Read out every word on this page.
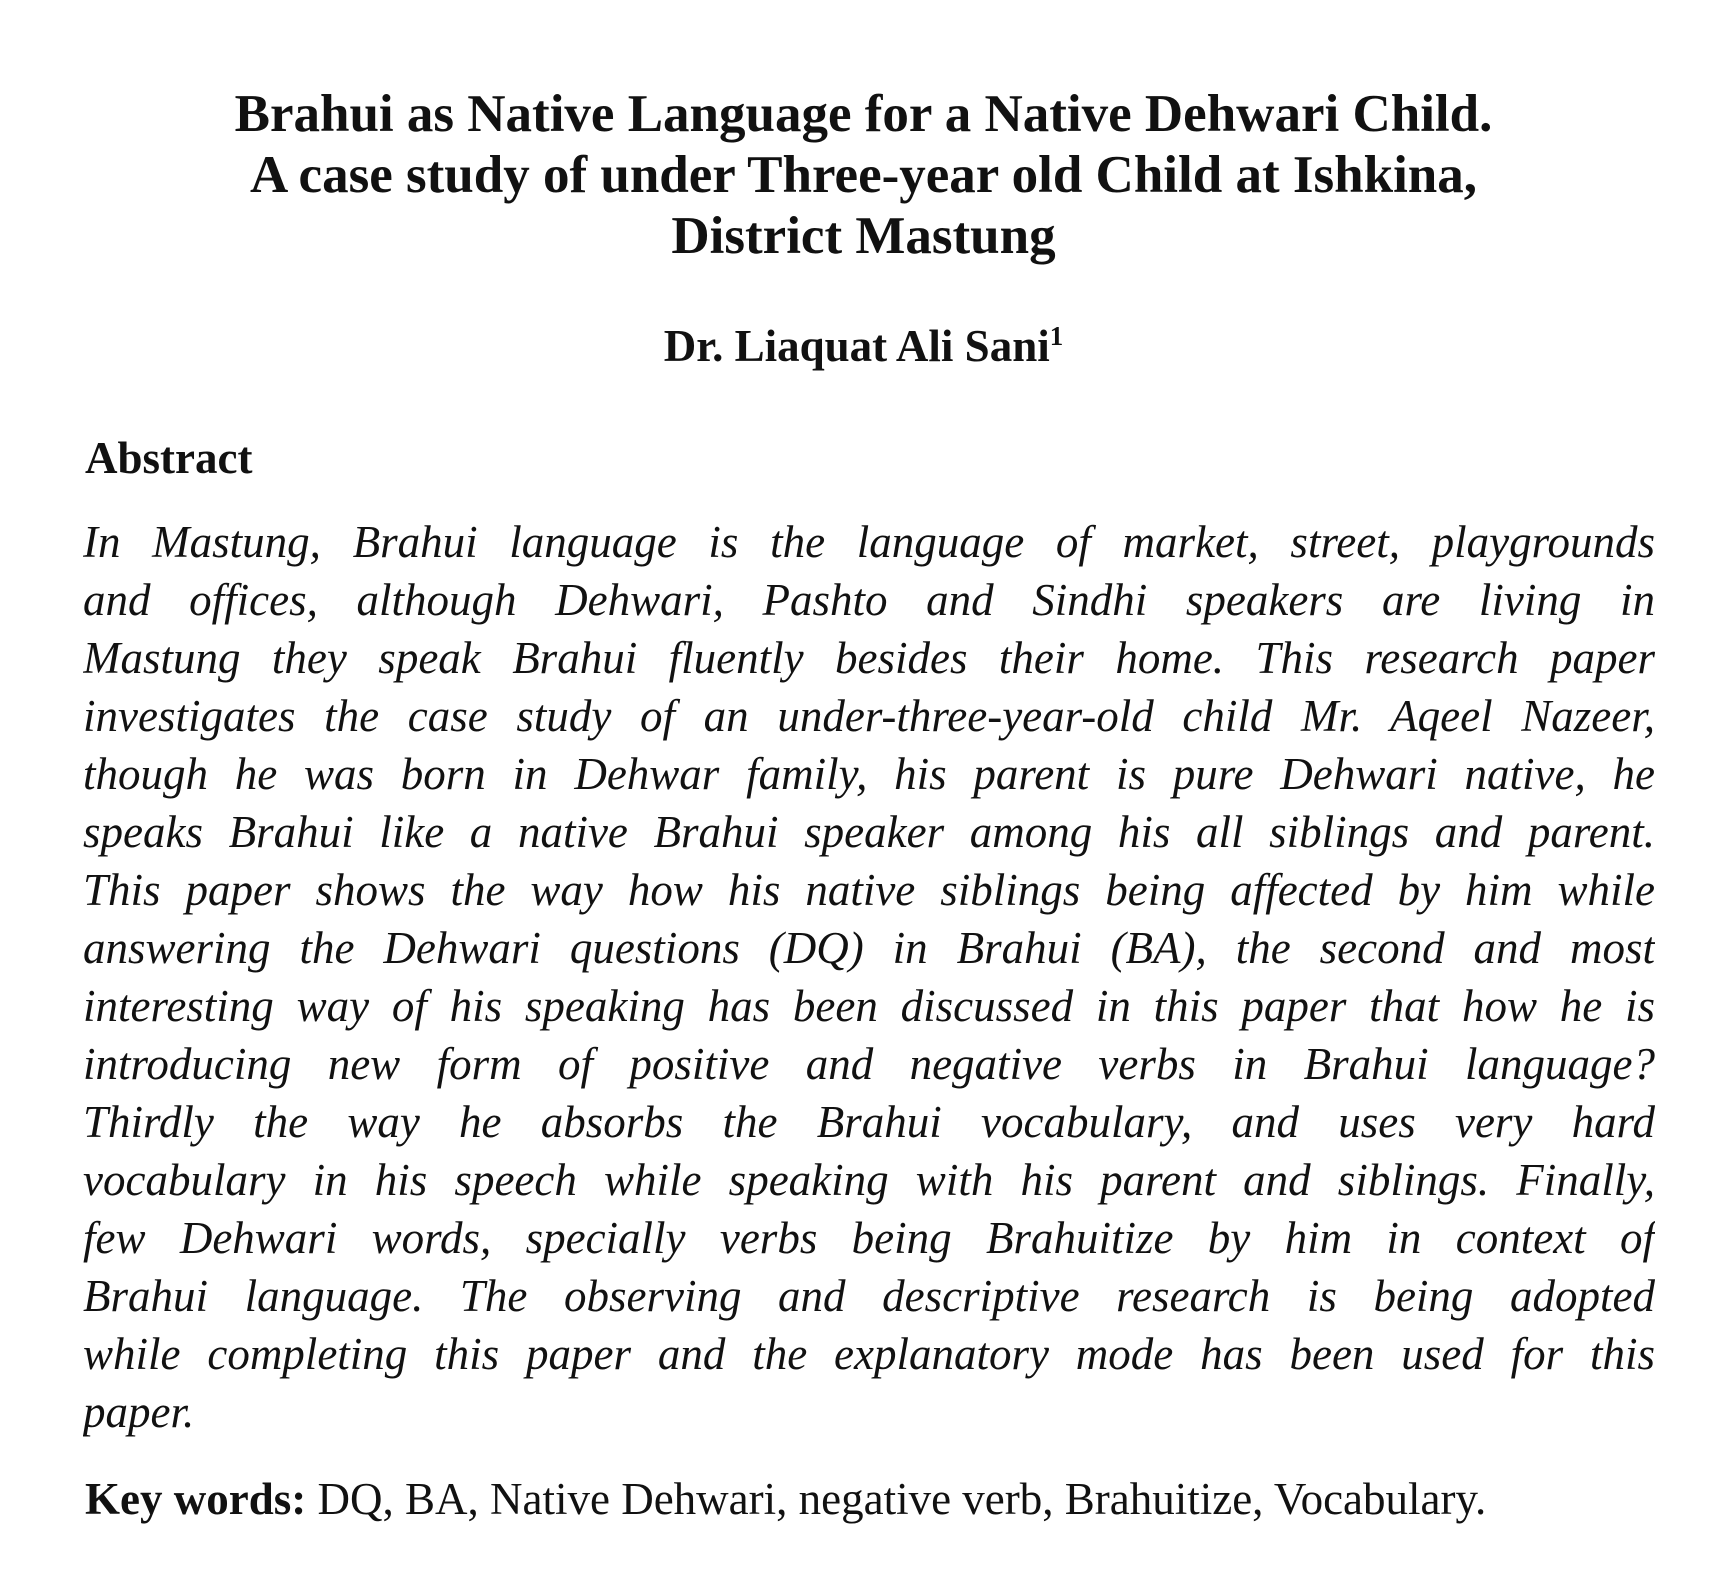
Brahui as Native Language for a Native Dehwari Child.
A case study of under Three-year old Child at Ishkina,
District Mastung
Dr. Liaquat Ali Sani$^1$
Abstract
In Mastung, Brahui language is the language of market, street, playgrounds
and offices, although Dehwari, Pashto and Sindhi speakers are living in
Mastung they speak Brahui fluently besides their home. This research paper
investigates the case study of an under-three-year-old child Mr. Aqeel Nazeer,
though he was born in Dehwar family, his parent is pure Dehwari native, he
speaks Brahui like a native Brahui speaker among his all siblings and parent.
This paper shows the way how his native siblings being affected by him while
answering the Dehwari questions (DQ) in Brahui (BA), the second and most
interesting way of his speaking has been discussed in this paper that how he is
introducing new form of positive and negative verbs in Brahui language?
Thirdly the way he absorbs the Brahui vocabulary, and uses very hard
vocabulary in his speech while speaking with his parent and siblings. Finally,
few Dehwari words, specially verbs being Brahuitize by him in context of
Brahui language. The observing and descriptive research is being adopted
while completing this paper and the explanatory mode has been used for this
paper.
Key words: DQ, BA, Native Dehwari, negative verb, Brahuitize, Vocabulary.
